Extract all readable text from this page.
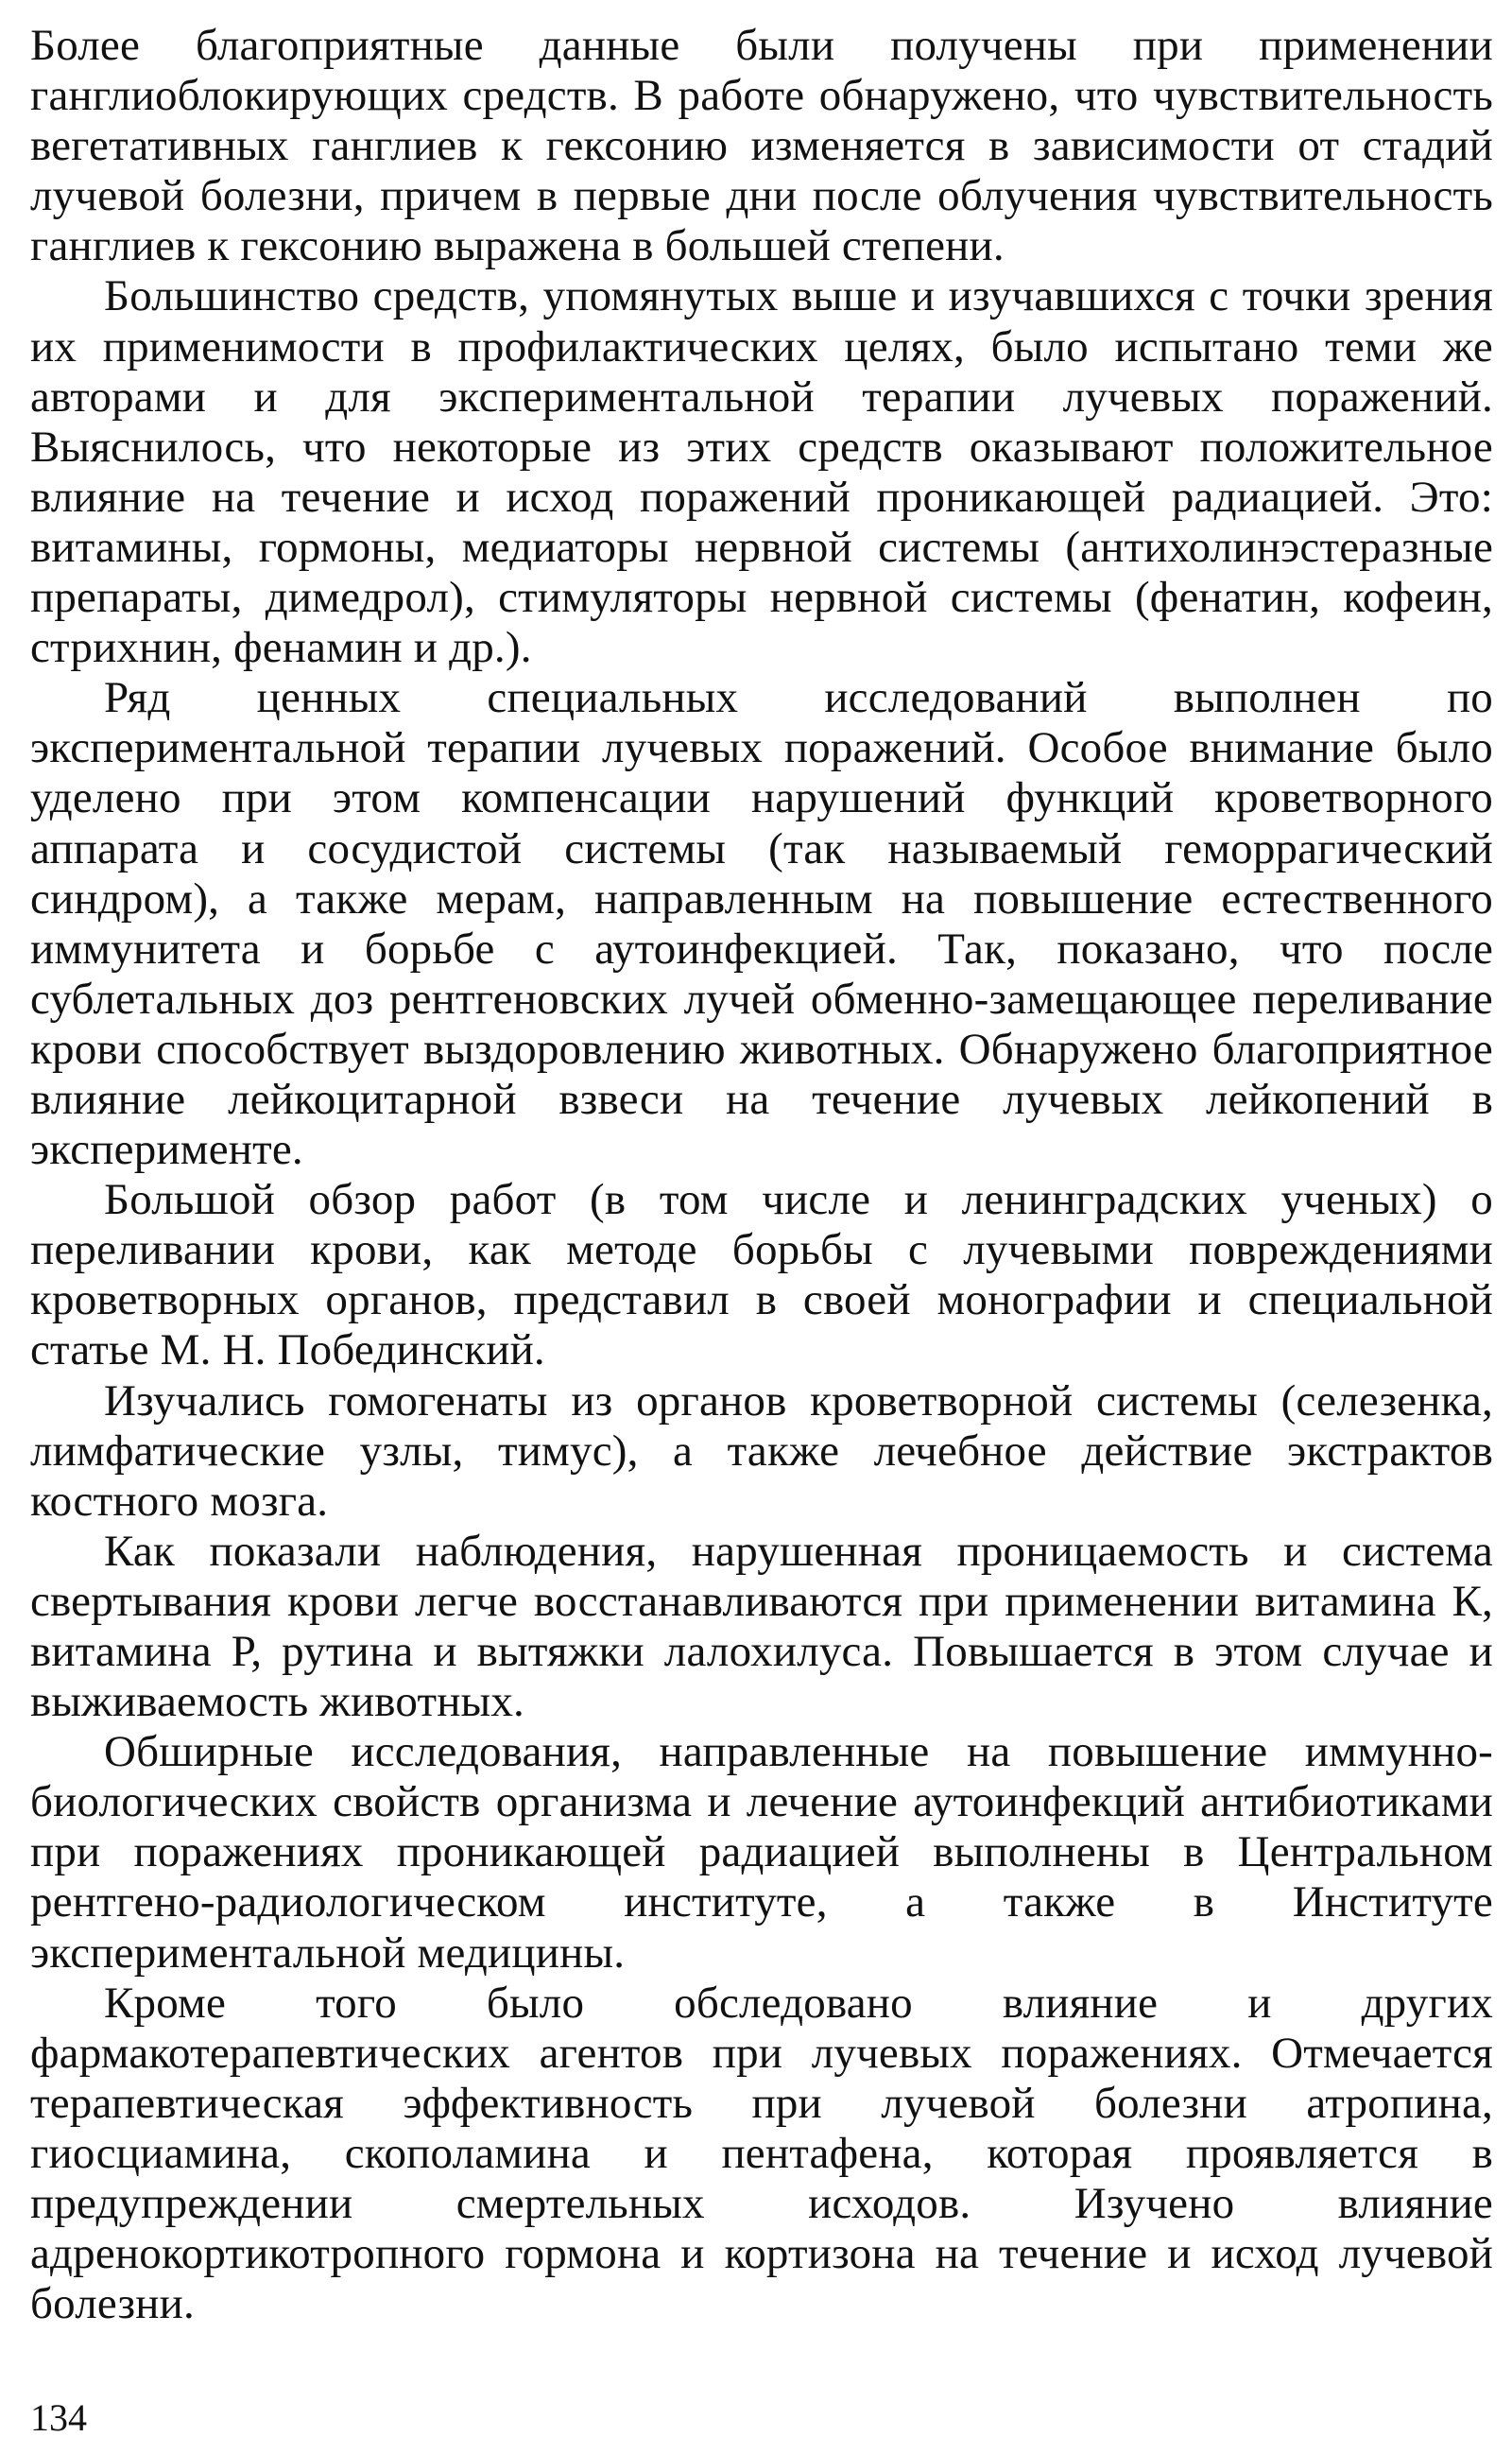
Более благоприятные данные были получены при применении ганглиоблокирующих средств. В работе обнаружено, что чувствительность вегетативных ганглиев к гексонию изменяется в зависимости от стадий лучевой болезни, причем в первые дни после облучения чувствительность ганглиев к гексонию выражена в большей степени.

Большинство средств, упомянутых выше и изучавшихся с точки зрения их применимости в профилактических целях, было испытано теми же авторами и для экспериментальной терапии лучевых поражений. Выяснилось, что некоторые из этих средств оказывают положительное влияние на течение и исход поражений проникающей радиацией. Это: витамины, гормоны, медиаторы нервной системы (антихолинэстеразные препараты, димедрол), стимуляторы нервной системы (фенатин, кофеин, стрихнин, фенамин и др.).

Ряд ценных специальных исследований выполнен по экспериментальной терапии лучевых поражений. Особое внимание было уделено при этом компенсации нарушений функций кроветворного аппарата и сосудистой системы (так называемый геморрагический синдром), а также мерам, направленным на повышение естественного иммунитета и борьбе с аутоинфекцией. Так, показано, что после сублетальных доз рентгеновских лучей обменно-замещающее переливание крови способствует выздоровлению животных. Обнаружено благоприятное влияние лейкоцитарной взвеси на течение лучевых лейкопений в эксперименте.

Большой обзор работ (в том числе и ленинградских ученых) о переливании крови, как методе борьбы с лучевыми повреждениями кроветворных органов, представил в своей монографии и специальной статье М. Н. Побединский.

Изучались гомогенаты из органов кроветворной системы (селезенка, лимфатические узлы, тимус), а также лечебное действие экстрактов костного мозга.

Как показали наблюдения, нарушенная проницаемость и система свертывания крови легче восстанавливаются при применении витамина К, витамина Р, рутина и вытяжки лалохилуса. Повышается в этом случае и выживаемость животных.

Обширные исследования, направленные на повышение иммунно-биологических свойств организма и лечение аутоинфекций антибиотиками при поражениях проникающей радиацией выполнены в Центральном рентгено-радиологическом институте, а также в Институте экспериментальной медицины.

Кроме того было обследовано влияние и других фармакотерапевтических агентов при лучевых поражениях. Отмечается терапевтическая эффективность при лучевой болезни атропина, гиосциамина, скополамина и пентафена, которая проявляется в предупреждении смертельных исходов. Изучено влияние адренокортикотропного гормона и кортизона на течение и исход лучевой болезни.

134
